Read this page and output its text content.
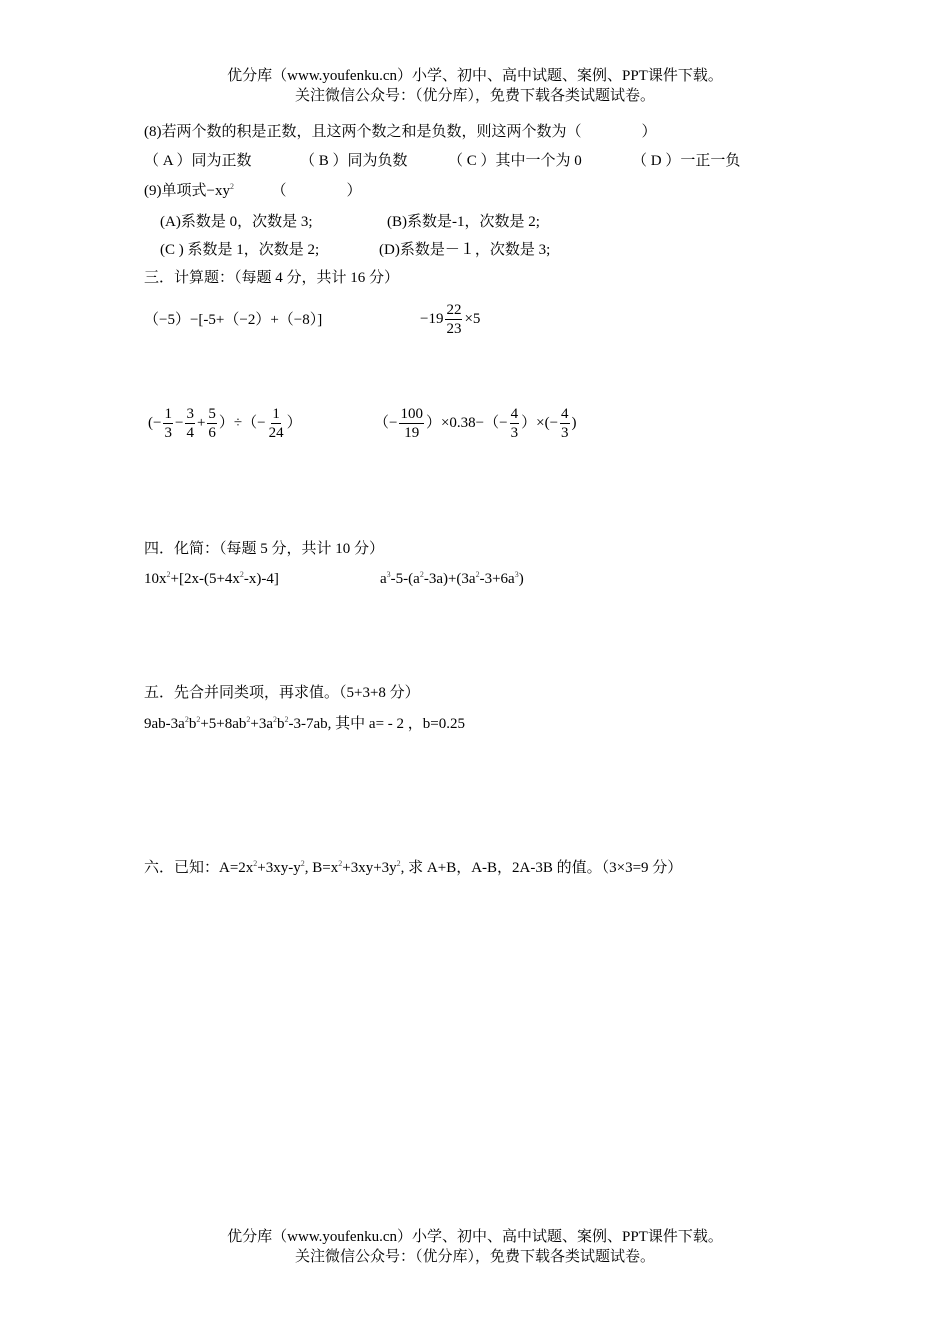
优分库（www.youfenku.cn）小学、初中、高中试题、案例、PPT课件下载。
关注微信公众号：（优分库），免费下载各类试题试卷。
(8)若两个数的积是正数，且这两个数之和是负数，则这两个数为（　　　　）
（ A ）同为正数	（ B ）同为负数	（ C ）其中一个为 0	（ D ）一正一负
(9)单项式$-xy^2$	（　　　　）
(A)系数是 0，次数是 3;	(B)系数是-1，次数是 2;
(C ) 系数是 1，次数是 2;	(D)系数是－１，次数是 3;
三．计算题：（每题 4 分，共计 16 分）
（−5）−[-5+（−2）+（−8）]	$-19 \frac{22}{23} \times 5$
(− $\frac{1}{3} - \frac{3}{4} + \frac{5}{6}$ ）÷（− $\frac{1}{24}$ ）	（− $\frac{100}{19} )\times 0.38-(- \frac{4}{3}$ ）×(− $\frac{4}{3}$ )
四．化简：（每题 5 分，共计 10 分）
$10x^2+[2x-(5+4x^2-x)-4]$	$a^3-5-(a^2-3a)+(3a^2-3+6a^3)$
五．先合并同类项，再求值。（5+3+8 分）
$9ab-3a^2b^2+5+8ab^2+3a^2b^2-3-7ab$, 其中 a= - 2 ，b=0.25
六．已知：$A=2x^2+3xy-y^2$, $B=x^2+3xy+3y^2$, 求 A+B，A-B，2A-3B 的值。（3×3=9 分）
优分库（www.youfenku.cn）小学、初中、高中试题、案例、PPT课件下载。
关注微信公众号：（优分库），免费下载各类试题试卷。
